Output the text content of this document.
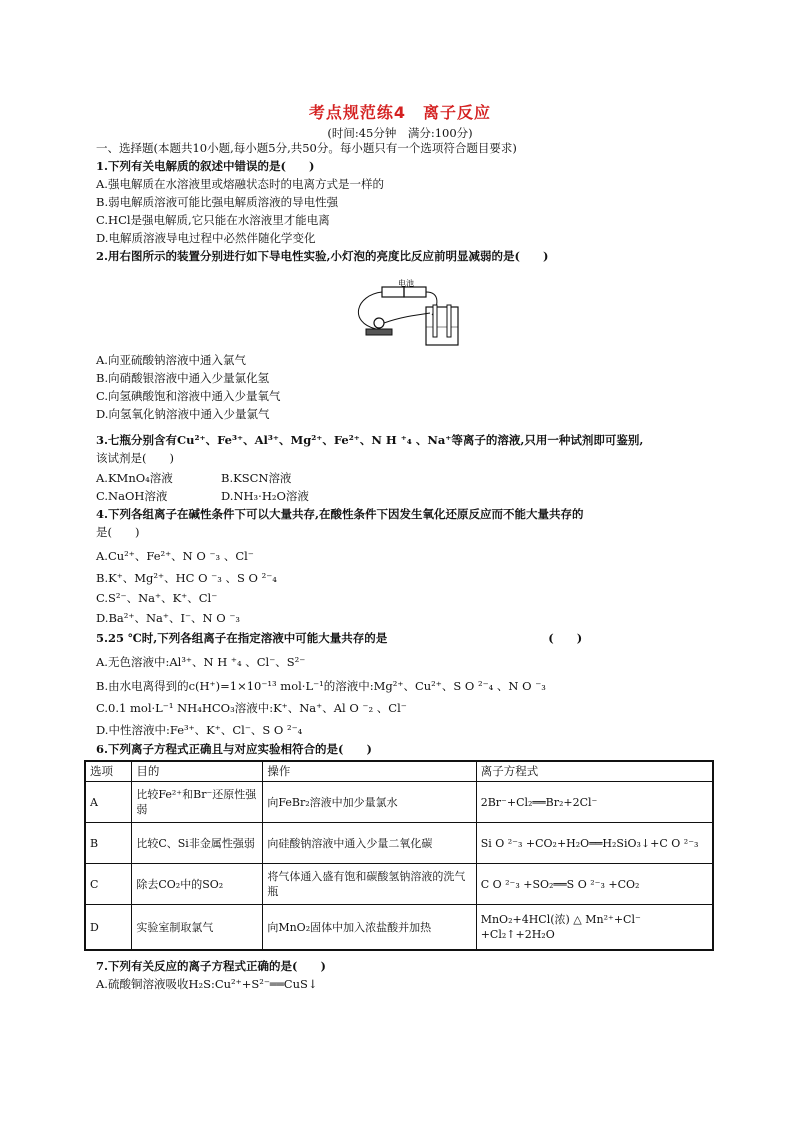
考点规范练4　离子反应
(时间:45分钟　满分:100分)
一、选择题(本题共10小题,每小题5分,共50分。每小题只有一个选项符合题目要求)
1.下列有关电解质的叙述中错误的是(　　)
A.强电解质在水溶液里或熔融状态时的电离方式是一样的
B.弱电解质溶液可能比强电解质溶液的导电性强
C.HCl是强电解质,它只能在水溶液里才能电离
D.电解质溶液导电过程中必然伴随化学变化
2.用右图所示的装置分别进行如下导电性实验,小灯泡的亮度比反应前明显减弱的是(　　)
电池
A.向亚硫酸钠溶液中通入氯气
B.向硝酸银溶液中通入少量氯化氢
C.向氢碘酸饱和溶液中通入少量氧气
D.向氢氧化钠溶液中通入少量氯气
3.七瓶分别含有Cu²⁺、Fe³⁺、Al³⁺、Mg²⁺、Fe²⁺、N H ⁺₄ 、Na⁺等离子的溶液,只用一种试剂即可鉴别,
该试剂是(　　)
A.KMnO₄溶液	B.KSCN溶液
C.NaOH溶液	D.NH₃·H₂O溶液
4.下列各组离子在碱性条件下可以大量共存,在酸性条件下因发生氧化还原反应而不能大量共存的
是(　　)
A.Cu²⁺、Fe²⁺、N O ⁻₃ 、Cl⁻
B.K⁺、Mg²⁺、HC O ⁻₃ 、S O ²⁻₄
C.S²⁻、Na⁺、K⁺、Cl⁻
D.Ba²⁺、Na⁺、I⁻、N O ⁻₃
5.25 ℃时,下列各组离子在指定溶液中可能大量共存的是　　　　　　　　　　　　　　(　　)
A.无色溶液中:Al³⁺、N H ⁺₄ 、Cl⁻、S²⁻
B.由水电离得到的c(H⁺)=1×10⁻¹³ mol·L⁻¹的溶液中:Mg²⁺、Cu²⁺、S O ²⁻₄ 、N O ⁻₃
C.0.1 mol·L⁻¹ NH₄HCO₃溶液中:K⁺、Na⁺、Al O ⁻₂ 、Cl⁻
D.中性溶液中:Fe³⁺、K⁺、Cl⁻、S O ²⁻₄
6.下列离子方程式正确且与对应实验相符合的是(　　)
选项	目的	操作	离子方程式
A	比较Fe²⁺和Br⁻还原性强弱	向FeBr₂溶液中加少量氯水	2Br⁻+Cl₂══Br₂+2Cl⁻
B	比较C、Si非金属性强弱	向硅酸钠溶液中通入少量二氧化碳	Si O ²⁻₃ +CO₂+H₂O══H₂SiO₃↓+C O ²⁻₃
C	除去CO₂中的SO₂	将气体通入盛有饱和碳酸氢钠溶液的洗气瓶	C O ²⁻₃ +SO₂══S O ²⁻₃ +CO₂
D	实验室制取氯气	向MnO₂固体中加入浓盐酸并加热	MnO₂+4HCl(浓) △ Mn²⁺+Cl⁻ +Cl₂↑+2H₂O
7.下列有关反应的离子方程式正确的是(　　)
A.硫酸铜溶液吸收H₂S:Cu²⁺+S²⁻══CuS↓
